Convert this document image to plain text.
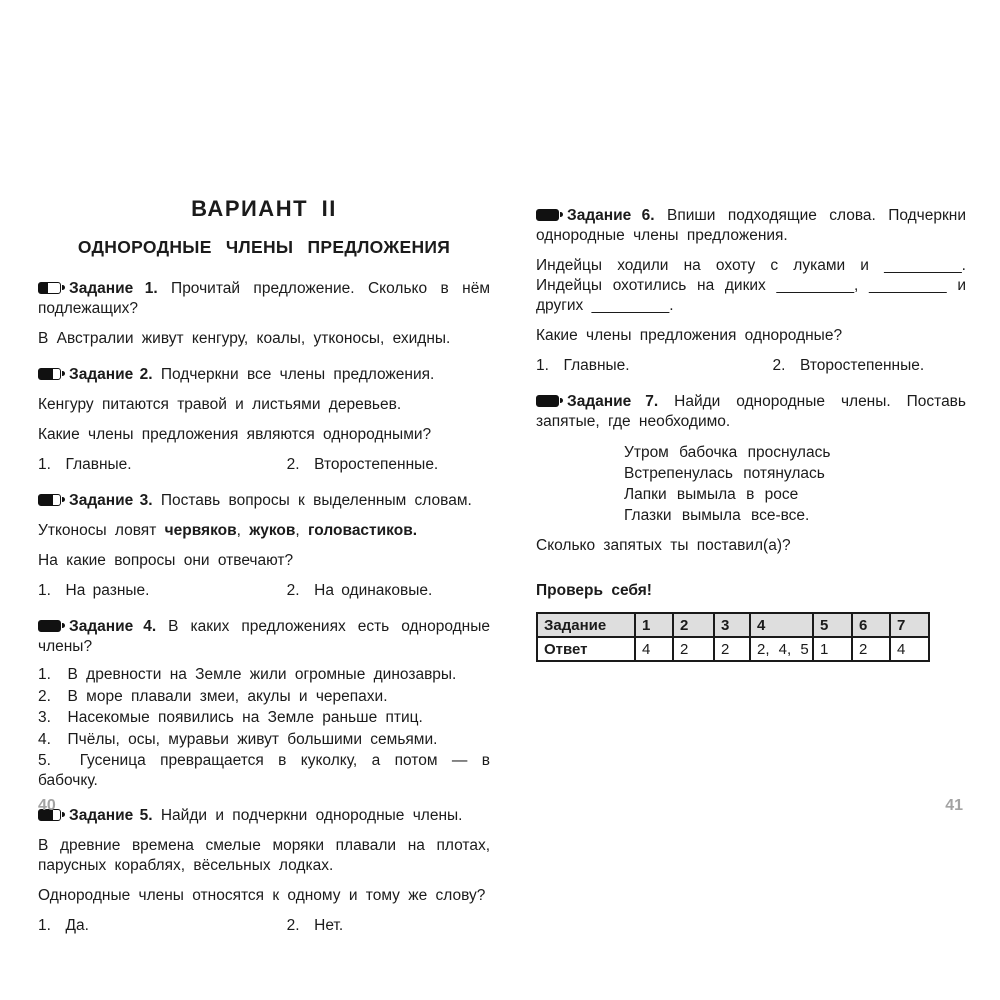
ВАРИАНТ II
ОДНОРОДНЫЕ ЧЛЕНЫ ПРЕДЛОЖЕНИЯ

Задание 1. Прочитай предложение. Сколько в нём подлежащих?

В Австралии живут кенгуру, коалы, утконосы, ехидны.

Задание 2. Подчеркни все члены предложения.

Кенгуру питаются травой и листьями деревьев.

Какие члены предложения являются однородными?

1.  Главные.	2.  Второстепенные.

Задание 3. Поставь вопросы к выделенным словам.

Утконосы ловят червяков, жуков, головастиков.

На какие вопросы они отвечают?

1.  На разные.	2.  На одинаковые.

Задание 4. В каких предложениях есть однородные члены?

1.  В древности на Земле жили огромные динозавры.
2.  В море плавали змеи, акулы и черепахи.
3.  Насекомые появились на Земле раньше птиц.
4.  Пчёлы, осы, муравьи живут большими семьями.
5.  Гусеница превращается в куколку, а потом — в бабочку.

Задание 5. Найди и подчеркни однородные члены.

В древние времена смелые моряки плавали на плотах, парусных кораблях, вёсельных лодках.

Однородные члены относятся к одному и тому же слову?

1.  Да.	2.  Нет.

Задание 6. Впиши подходящие слова. Подчеркни однородные члены предложения.

Индейцы ходили на охоту с луками и _________. Индейцы охотились на диких _________, _________ и других _________.

Какие члены предложения однородные?

1.  Главные.	2.  Второстепенные.

Задание 7. Найди однородные члены. Поставь запятые, где необходимо.

Утром бабочка проснулась
Встрепенулась потянулась
Лапки вымыла в росе
Глазки вымыла все-все.

Сколько запятых ты поставил(а)?

Проверь себя!

Задание	1	2	3	4	5	6	7
Ответ	4	2	2	2, 4, 5	1	2	4
40	41
